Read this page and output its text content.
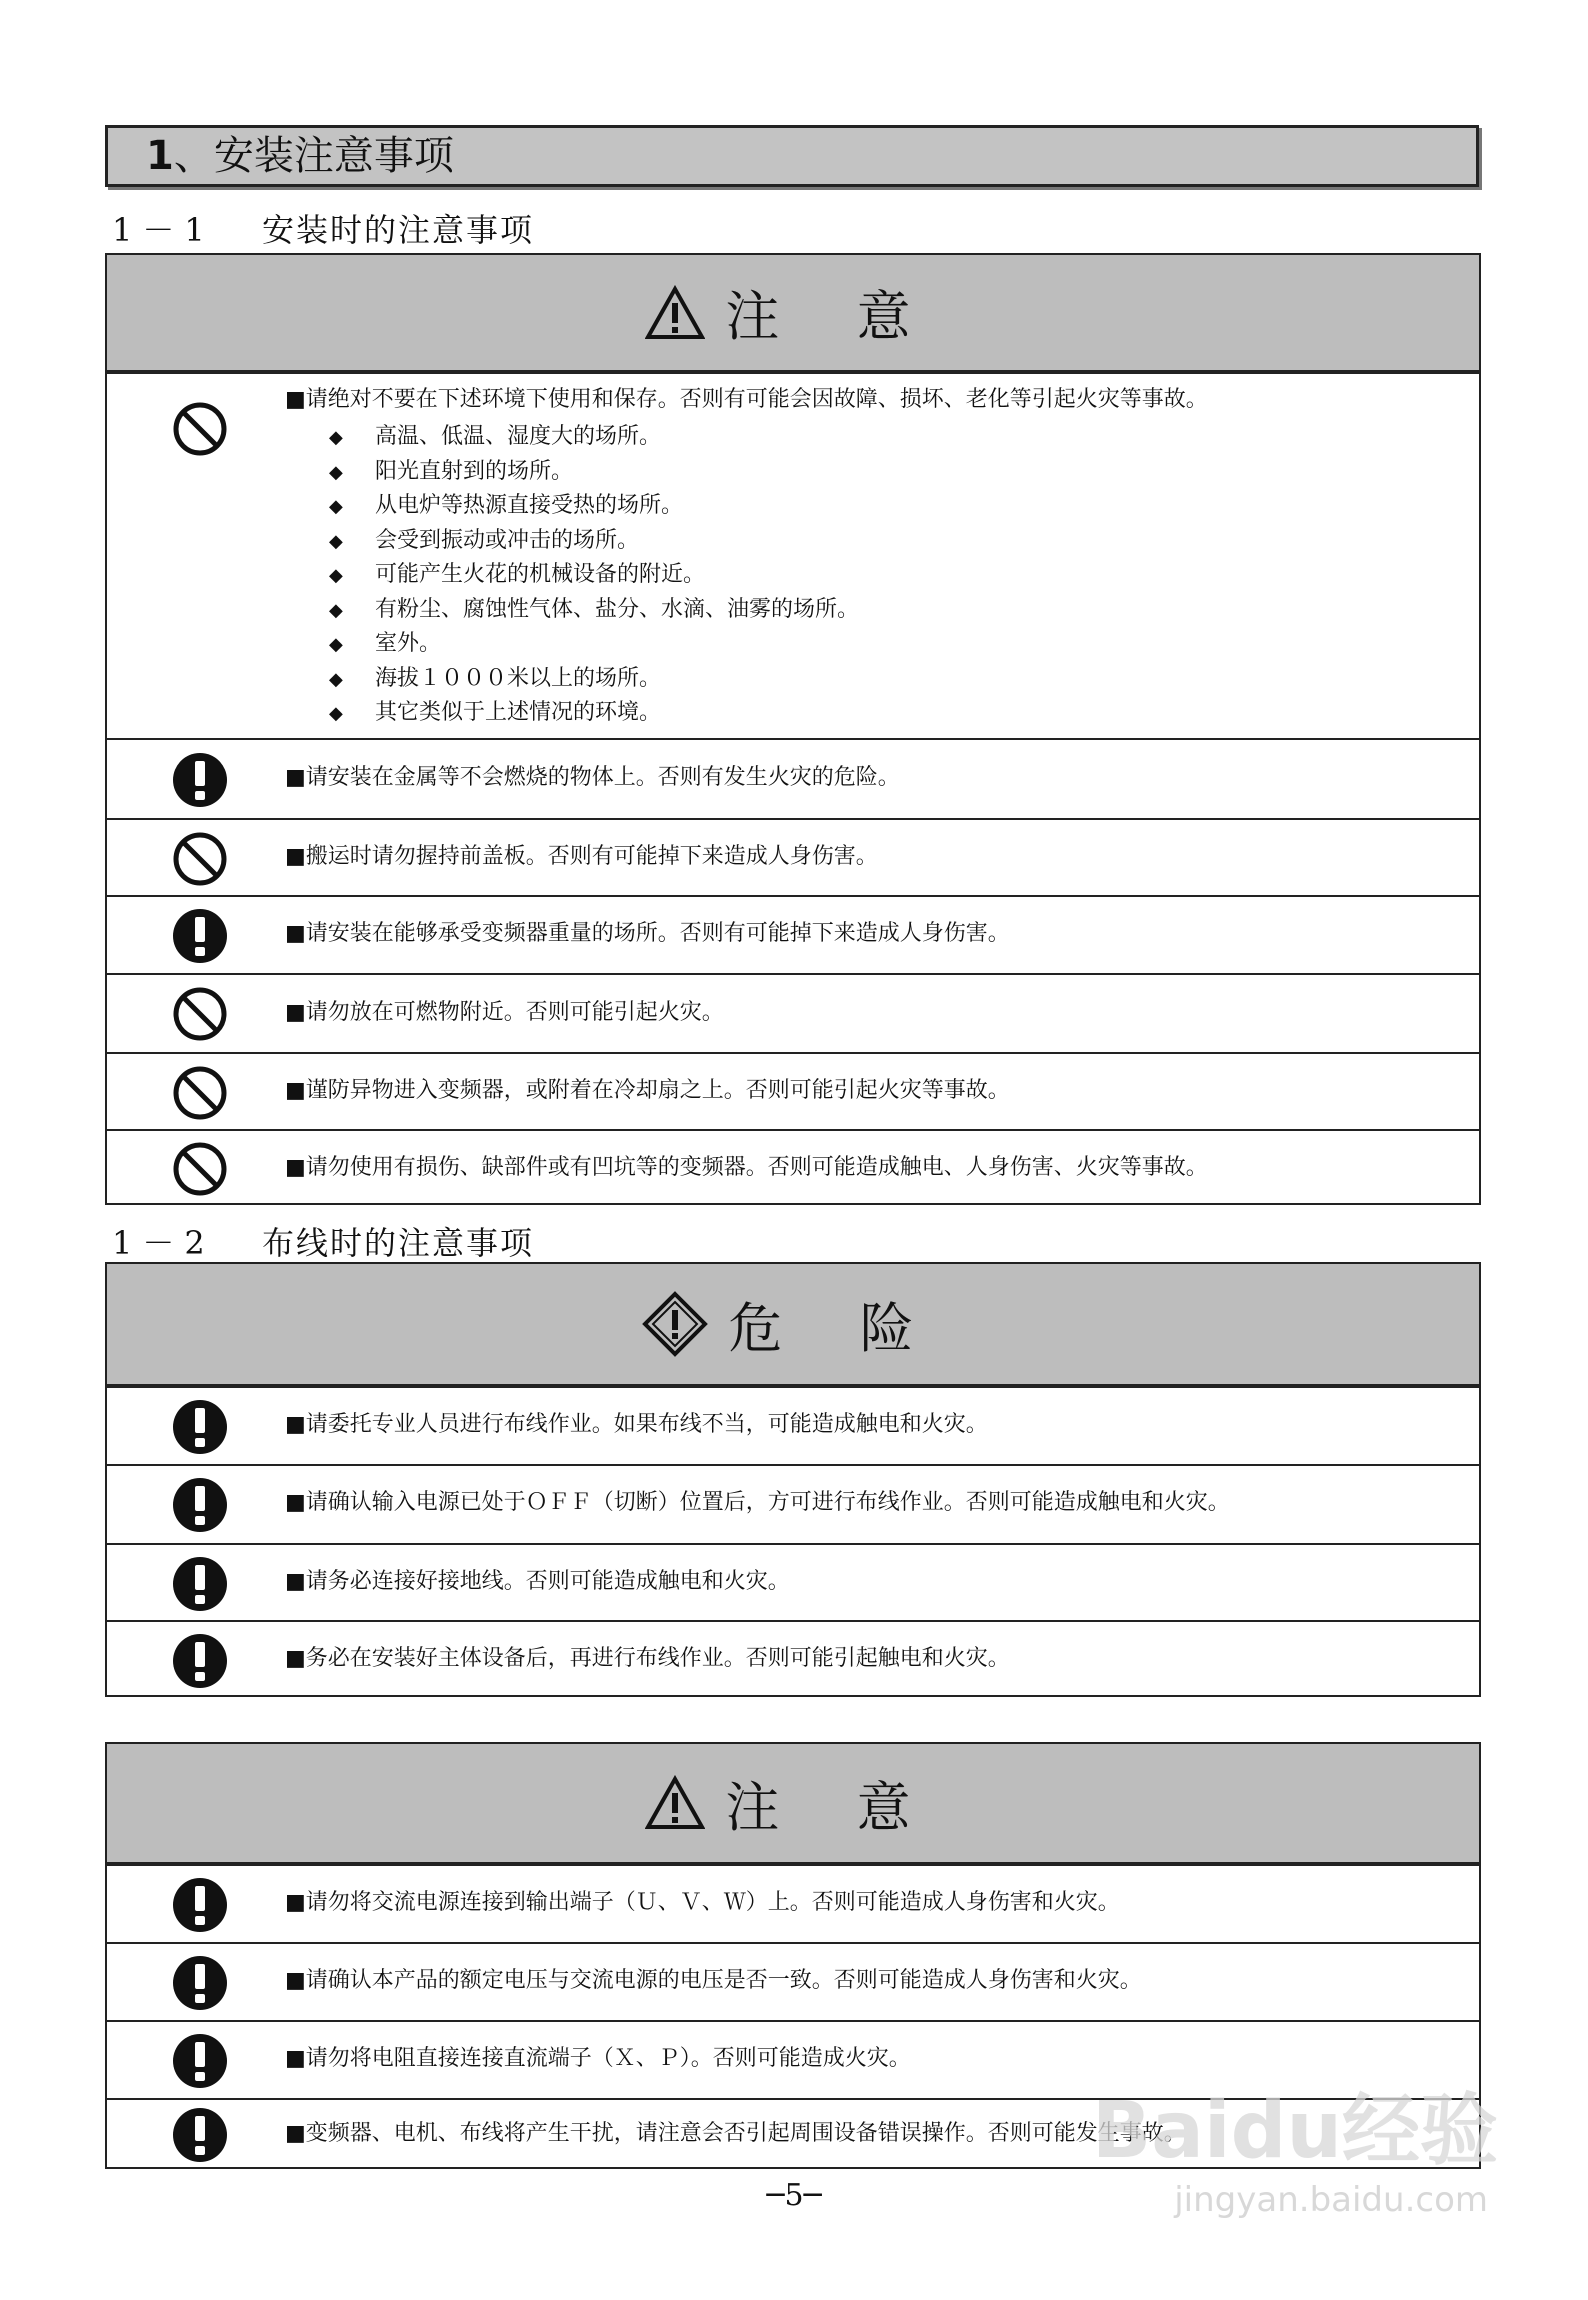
1、安装注意事项
1－1 安装时的注意事项
注 意
■请绝对不要在下述环境下使用和保存。否则有可能会因故障、损坏、老化等引起火灾等事故。
◆ 高温、低温、湿度大的场所。
◆ 阳光直射到的场所。
◆ 从电炉等热源直接受热的场所。
◆ 会受到振动或冲击的场所。
◆ 可能产生火花的机械设备的附近。
◆ 有粉尘、腐蚀性气体、盐分、水滴、油雾的场所。
◆ 室外。
◆ 海拔１０００米以上的场所。
◆ 其它类似于上述情况的环境。
■请安装在金属等不会燃烧的物体上。否则有发生火灾的危险。
■搬运时请勿握持前盖板。否则有可能掉下来造成人身伤害。
■请安装在能够承受变频器重量的场所。否则有可能掉下来造成人身伤害。
■请勿放在可燃物附近。否则可能引起火灾。
■谨防异物进入变频器，或附着在冷却扇之上。否则可能引起火灾等事故。
■请勿使用有损伤、缺部件或有凹坑等的变频器。否则可能造成触电、人身伤害、火灾等事故。
1－2 布线时的注意事项
危 险
■请委托专业人员进行布线作业。如果布线不当，可能造成触电和火灾。
■请确认输入电源已处于ＯＦＦ（切断）位置后，方可进行布线作业。否则可能造成触电和火灾。
■请务必连接好接地线。否则可能造成触电和火灾。
■务必在安装好主体设备后，再进行布线作业。否则可能引起触电和火灾。
注 意
■请勿将交流电源连接到输出端子（Ｕ、Ｖ、Ｗ）上。否则可能造成人身伤害和火灾。
■请确认本产品的额定电压与交流电源的电压是否一致。否则可能造成人身伤害和火灾。
■请勿将电阻直接连接直流端子（Ｘ、Ｐ）。否则可能造成火灾。
■变频器、电机、布线将产生干扰，请注意会否引起周围设备错误操作。否则可能发生事故。
─5─
Baidu经验
jingyan.baidu.com
